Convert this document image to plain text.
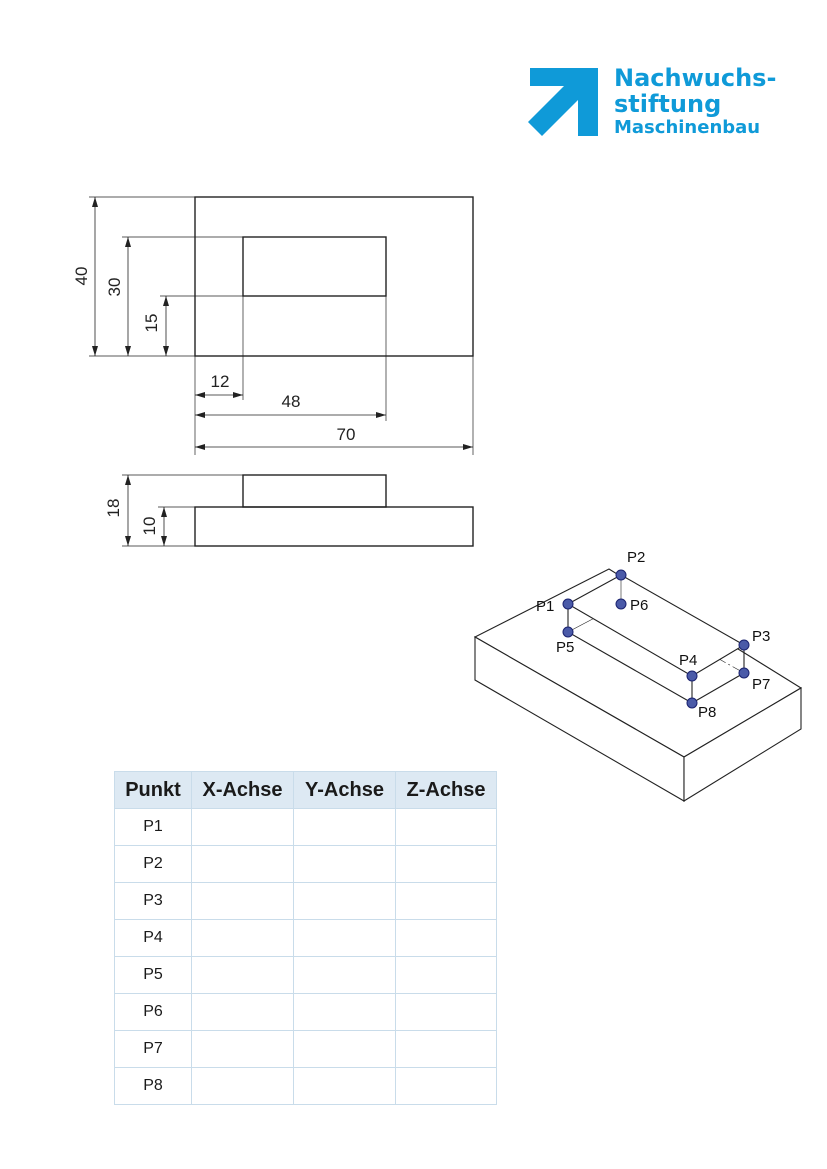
Nachwuchs-
stiftung
Maschinenbau
40
30
15
12
48
70
18
10
P1
P2
P3
P4
P5
P6
P7
P8
Punkt	X-Achse	Y-Achse	Z-Achse
P1			
P2			
P3			
P4			
P5			
P6			
P7			
P8			
